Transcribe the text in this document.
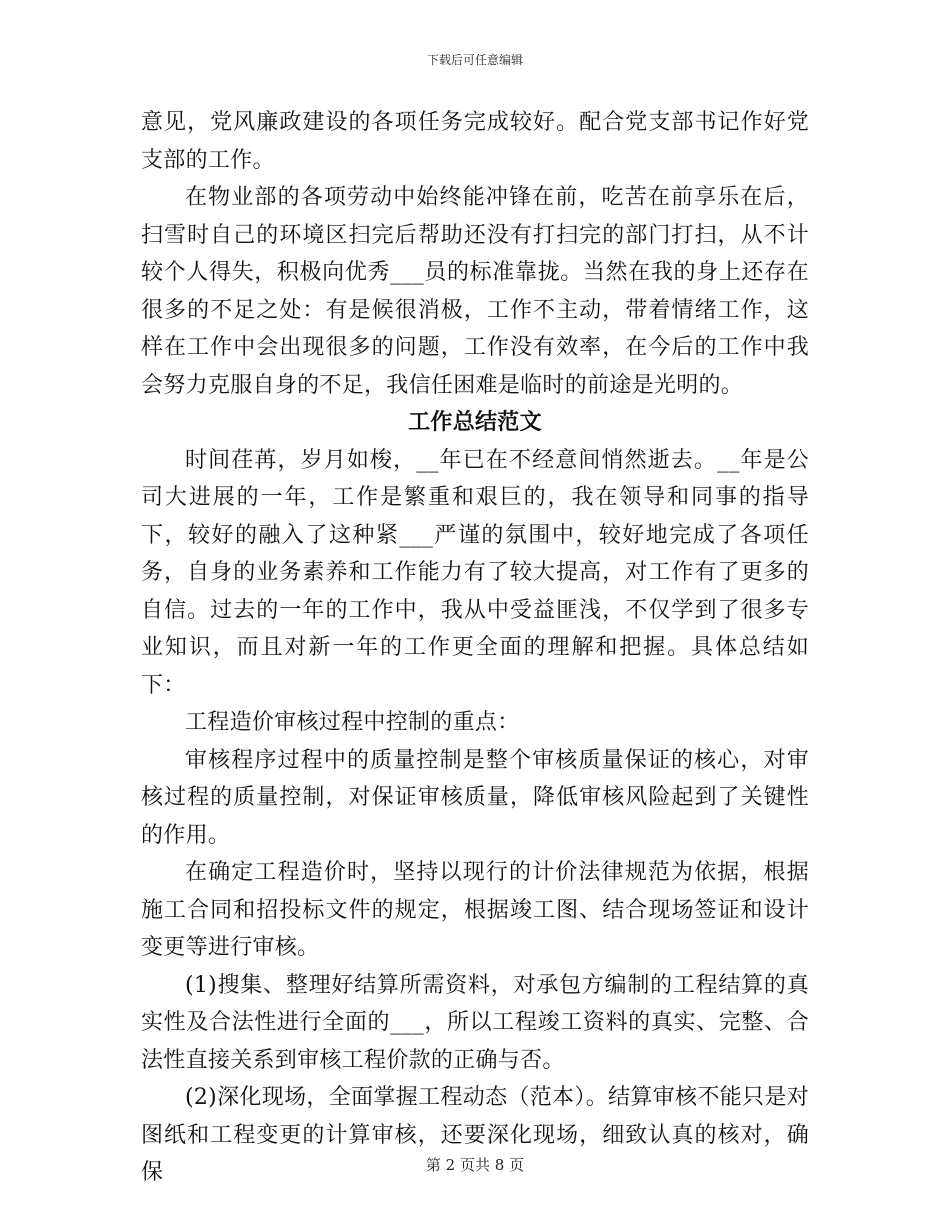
下载后可任意编辑

意见，党风廉政建设的各项任务完成较好。配合党支部书记作好党支部的工作。

在物业部的各项劳动中始终能冲锋在前，吃苦在前享乐在后，扫雪时自己的环境区扫完后帮助还没有打扫完的部门打扫，从不计较个人得失，积极向优秀___员的标准靠拢。当然在我的身上还存在很多的不足之处：有是候很消极，工作不主动，带着情绪工作，这样在工作中会出现很多的问题，工作没有效率，在今后的工作中我会努力克服自身的不足，我信任困难是临时的前途是光明的。

工作总结范文

时间荏苒，岁月如梭，__年已在不经意间悄然逝去。__年是公司大进展的一年，工作是繁重和艰巨的，我在领导和同事的指导下，较好的融入了这种紧___严谨的氛围中，较好地完成了各项任务，自身的业务素养和工作能力有了较大提高，对工作有了更多的自信。过去的一年的工作中，我从中受益匪浅，不仅学到了很多专业知识，而且对新一年的工作更全面的理解和把握。具体总结如下：

工程造价审核过程中控制的重点：

审核程序过程中的质量控制是整个审核质量保证的核心，对审核过程的质量控制，对保证审核质量，降低审核风险起到了关键性的作用。

在确定工程造价时，坚持以现行的计价法律规范为依据，根据施工合同和招投标文件的规定，根据竣工图、结合现场签证和设计变更等进行审核。

(1)搜集、整理好结算所需资料，对承包方编制的工程结算的真实性及合法性进行全面的___，所以工程竣工资料的真实、完整、合法性直接关系到审核工程价款的正确与否。

(2)深化现场，全面掌握工程动态（范本）。结算审核不能只是对图纸和工程变更的计算审核，还要深化现场，细致认真的核对，确保	第 2 页共 8 页
